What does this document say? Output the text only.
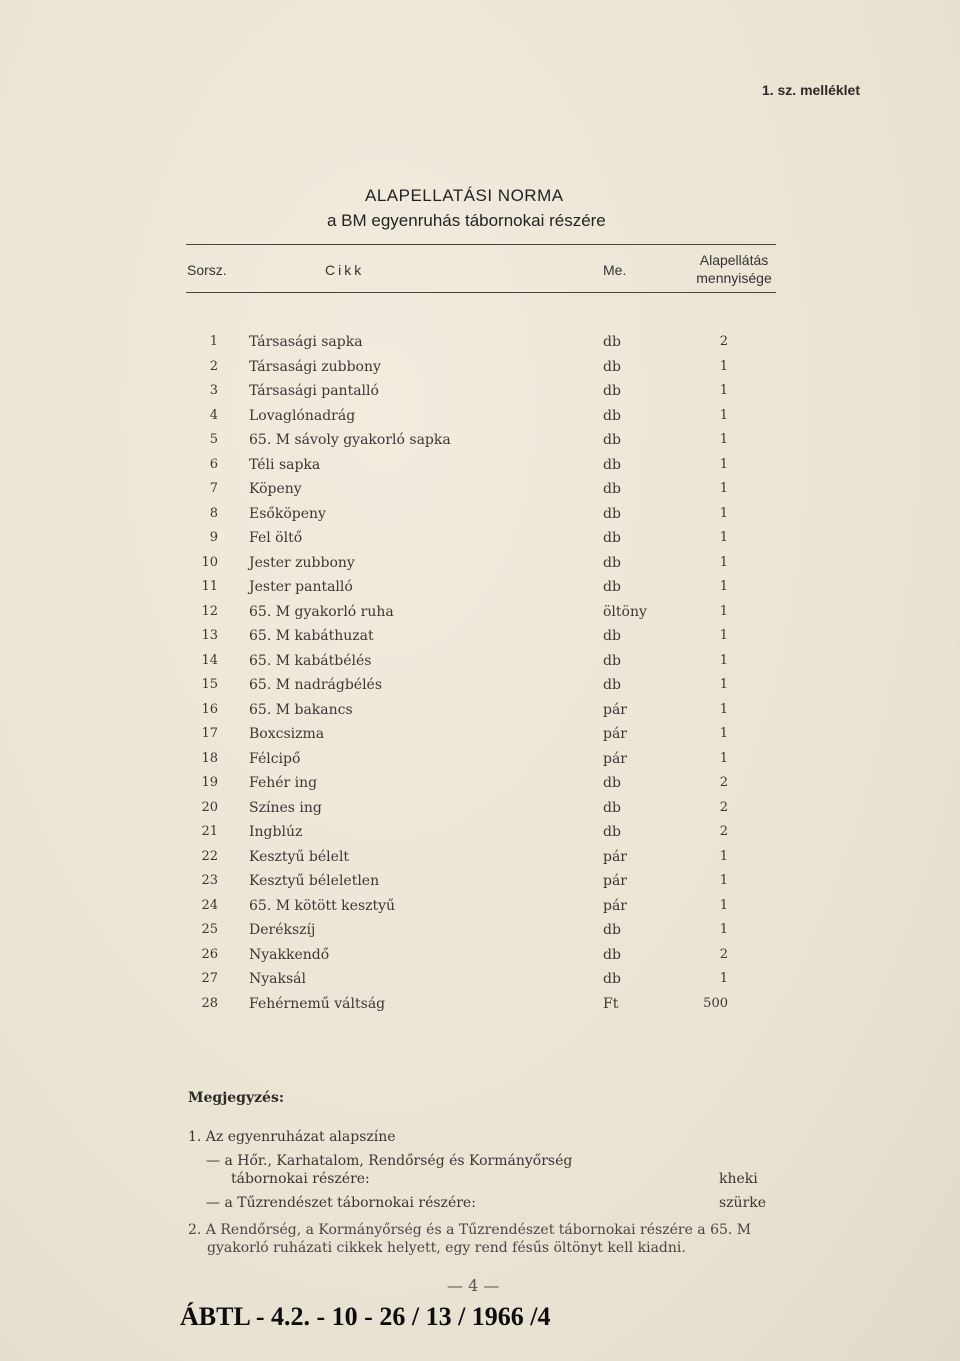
1. sz. melléklet
ALAPELLATÁSI NORMA
a BM egyenruhás tábornokai részére
Sorsz.	Cikk	Me.
Alapellátás
mennyisége
1 Társasági sapka	db	2
2 Társasági zubbony	db	1
3 Társasági pantalló	db	1
4 Lovaglónadrág	db	1
5 65. M sávoly gyakorló sapka	db	1
6 Téli sapka	db	1
7 Köpeny	db	1
8 Esőköpeny	db	1
9 Fel öltő	db	1
10 Jester zubbony	db	1
11 Jester pantalló	db	1
12 65. M gyakorló ruha	öltöny	1
13 65. M kabáthuzat	db	1
14 65. M kabátbélés	db	1
15 65. M nadrágbélés	db	1
16 65. M bakancs	pár	1
17 Boxcsizma	pár	1
18 Félcipő	pár	1
19 Fehér ing	db	2
20 Színes ing	db	2
21 Ingblúz	db	2
22 Kesztyű bélelt	pár	1
23 Kesztyű béleletlen	pár	1
24 65. M kötött kesztyű	pár	1
25 Derékszíj	db	1
26 Nyakkendő	db	2
27 Nyaksál	db	1
28 Fehérnemű váltság	Ft	500
Megjegyzés:
1. Az egyenruházat alapszíne
— a Hőr., Karhatalom, Rendőrség és Kormányőrség
tábornokai részére:	kheki
— a Tűzrendészet tábornokai részére:	szürke
2. A Rendőrség, a Kormányőrség és a Tűzrendészet tábornokai részére a 65. M
gyakorló ruházati cikkek helyett, egy rend fésűs öltönyt kell kiadni.
— 4 —
ÁBTL - 4.2. - 10 - 26 / 13 / 1966 /4
